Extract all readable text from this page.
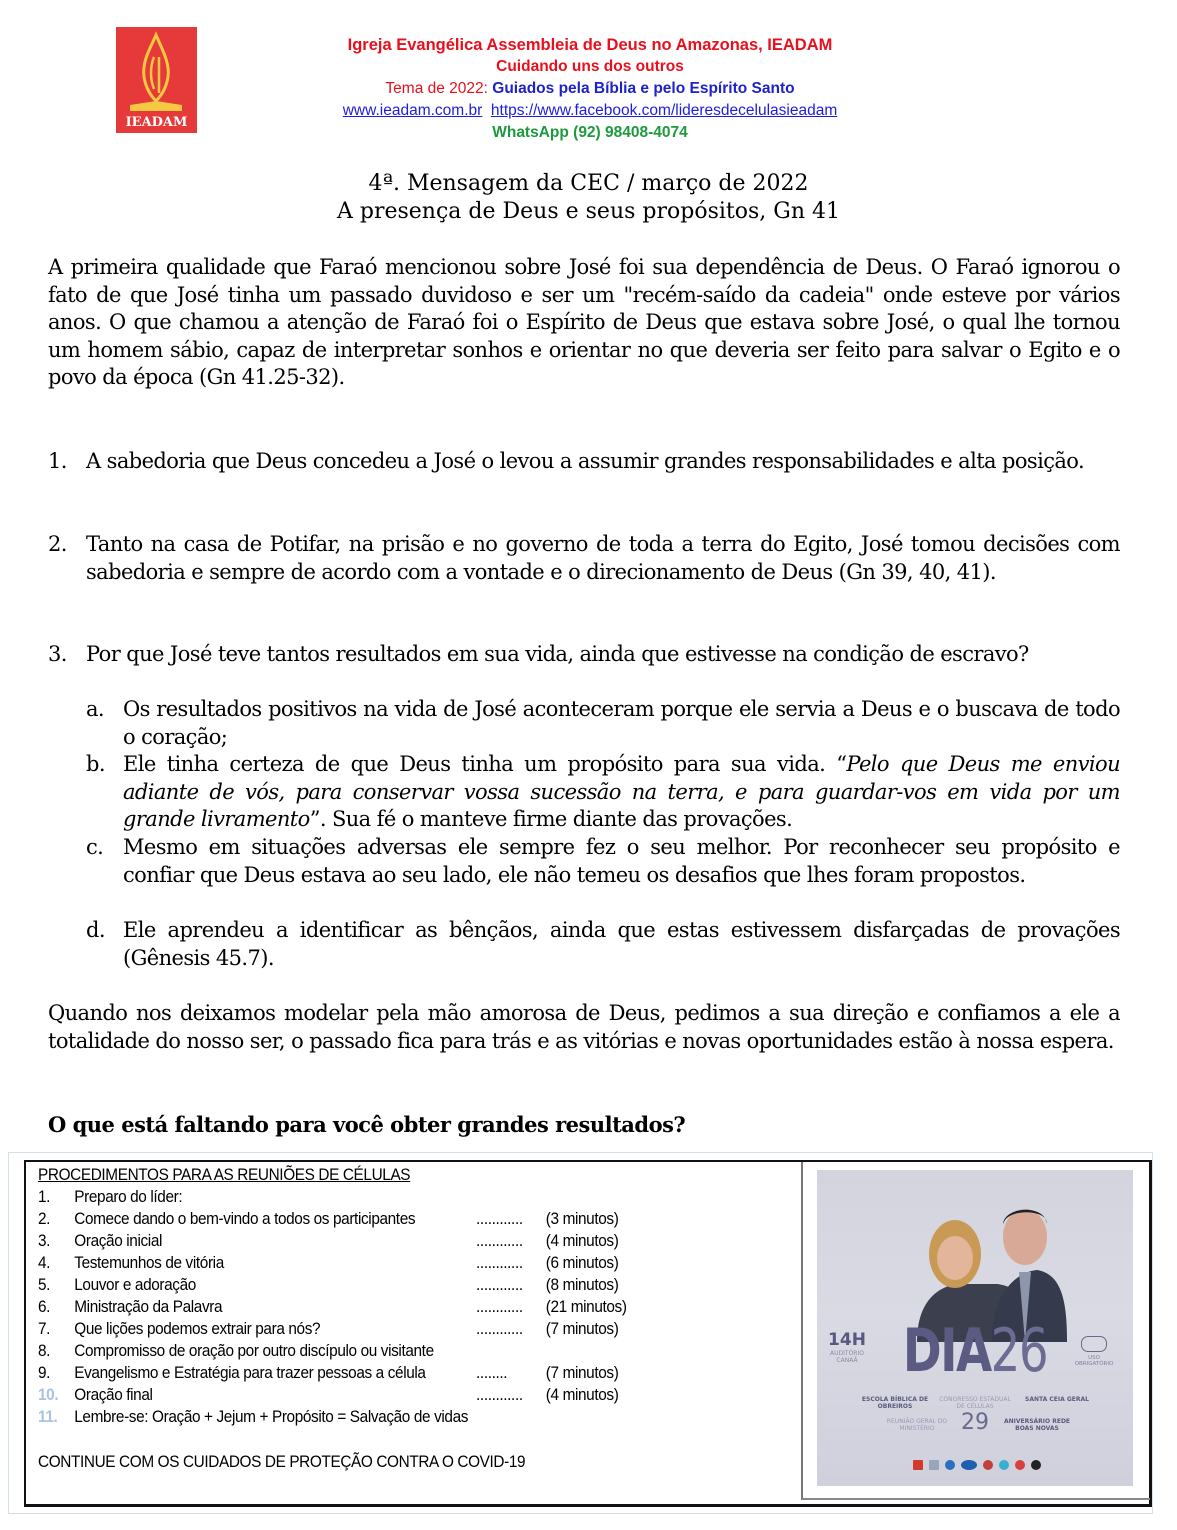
IEADAM
Igreja Evangélica Assembleia de Deus no Amazonas, IEADAM
Cuidando uns dos outros
Tema de 2022: Guiados pela Bíblia e pelo Espírito Santo
www.ieadam.com.br https://www.facebook.com/lideresdecelulasieadam
WhatsApp (92) 98408-4074
4ª. Mensagem da CEC / março de 2022
A presença de Deus e seus propósitos, Gn 41
A primeira qualidade que Faraó mencionou sobre José foi sua dependência de Deus. O Faraó ignorou o fato de que José tinha um passado duvidoso e ser um "recém-saído da cadeia" onde esteve por vários anos. O que chamou a atenção de Faraó foi o Espírito de Deus que estava sobre José, o qual lhe tornou um homem sábio, capaz de interpretar sonhos e orientar no que deveria ser feito para salvar o Egito e o povo da época (Gn 41.25-32).
1. A sabedoria que Deus concedeu a José o levou a assumir grandes responsabilidades e alta posição.
2. Tanto na casa de Potifar, na prisão e no governo de toda a terra do Egito, José tomou decisões com sabedoria e sempre de acordo com a vontade e o direcionamento de Deus (Gn 39, 40, 41).
3. Por que José teve tantos resultados em sua vida, ainda que estivesse na condição de escravo?
a. Os resultados positivos na vida de José aconteceram porque ele servia a Deus e o buscava de todo o coração;
b. Ele tinha certeza de que Deus tinha um propósito para sua vida. “Pelo que Deus me enviou adiante de vós, para conservar vossa sucessão na terra, e para guardar-vos em vida por um grande livramento”. Sua fé o manteve firme diante das provações.
c. Mesmo em situações adversas ele sempre fez o seu melhor. Por reconhecer seu propósito e confiar que Deus estava ao seu lado, ele não temeu os desafios que lhes foram propostos.
d. Ele aprendeu a identificar as bênçãos, ainda que estas estivessem disfarçadas de provações (Gênesis 45.7).
Quando nos deixamos modelar pela mão amorosa de Deus, pedimos a sua direção e confiamos a ele a totalidade do nosso ser, o passado fica para trás e as vitórias e novas oportunidades estão à nossa espera.
O que está faltando para você obter grandes resultados?
PROCEDIMENTOS PARA AS REUNIÕES DE CÉLULAS
1. Preparo do líder:
2. Comece dando o bem-vindo a todos os participantes	............ (3 minutos)
3. Oração inicial	............ (4 minutos)
4. Testemunhos de vitória	............ (6 minutos)
5. Louvor e adoração	............ (8 minutos)
6. Ministração da Palavra	............ (21 minutos)
7. Que lições podemos extrair para nós?	............ (7 minutos)
8. Compromisso de oração por outro discípulo ou visitante
9. Evangelismo e Estratégia para trazer pessoas a célula	........ (7 minutos)
10. Oração final	............ (4 minutos)
11. Lembre-se: Oração + Jejum + Propósito = Salvação de vidas
CONTINUE COM OS CUIDADOS DE PROTEÇÃO CONTRA O COVID-19
14H
AUDITÓRIO CANAÃ DIA26	USO OBRIGATÓRIO
ESCOLA BÍBLICA DE OBREIROS
CONGRESSO ESTADUAL DE CÉLULAS
SANTA CEIA GERAL
REUNIÃO GERAL DO MINISTÉRIO
ANIVERSÁRIO REDE BOAS NOVAS
29
